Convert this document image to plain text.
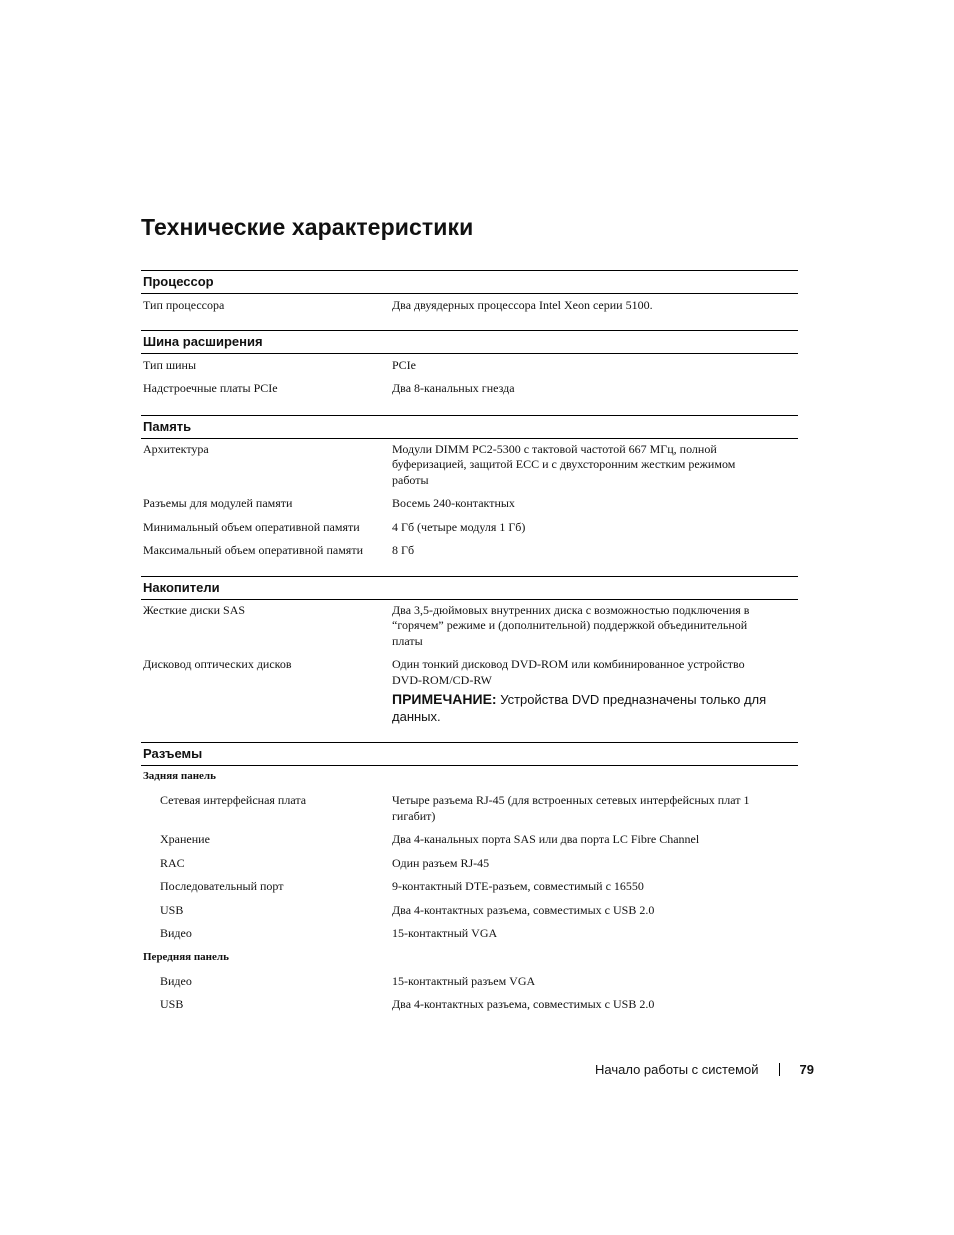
Технические характеристики
Процессор
Тип процессора	Два двуядерных процессора Intel Xeon серии 5100.
Шина расширения
Тип шины	PCIe
Надстроечные платы PCIe	Два 8-канальных гнезда
Память
Архитектура	Модули DIMM PC2-5300 с тактовой частотой 667 МГц, полной буферизацией, защитой ECC и с двухсторонним жестким режимом работы
Разъемы для модулей памяти	Восемь 240-контактных
Минимальный объем оперативной памяти	4 Гб (четыре модуля 1 Гб)
Максимальный объем оперативной памяти	8 Гб
Накопители
Жесткие диски SAS	Два 3,5-дюймовых внутренних диска с возможностью подключения в “горячем” режиме и (дополнительной) поддержкой объединительной платы
Дисковод оптических дисков	Один тонкий дисковод DVD-ROM или комбинированное устройство DVD-ROM/CD-RW
ПРИМЕЧАНИЕ: Устройства DVD предназначены только для данных.
Разъемы
Задняя панель
Сетевая интерфейсная плата	Четыре разъема RJ-45 (для встроенных сетевых интерфейсных плат 1 гигабит)
Хранение	Два 4-канальных порта SAS или два порта LC Fibre Channel
RAC	Один разъем RJ-45
Последовательный порт	9-контактный DTE-разъем, совместимый с 16550
USB	Два 4-контактных разъема, совместимых с USB 2.0
Видео	15-контактный VGA
Передняя панель
Видео	15-контактный разъем VGA
USB	Два 4-контактных разъема, совместимых с USB 2.0
Начало работы с системой	79
